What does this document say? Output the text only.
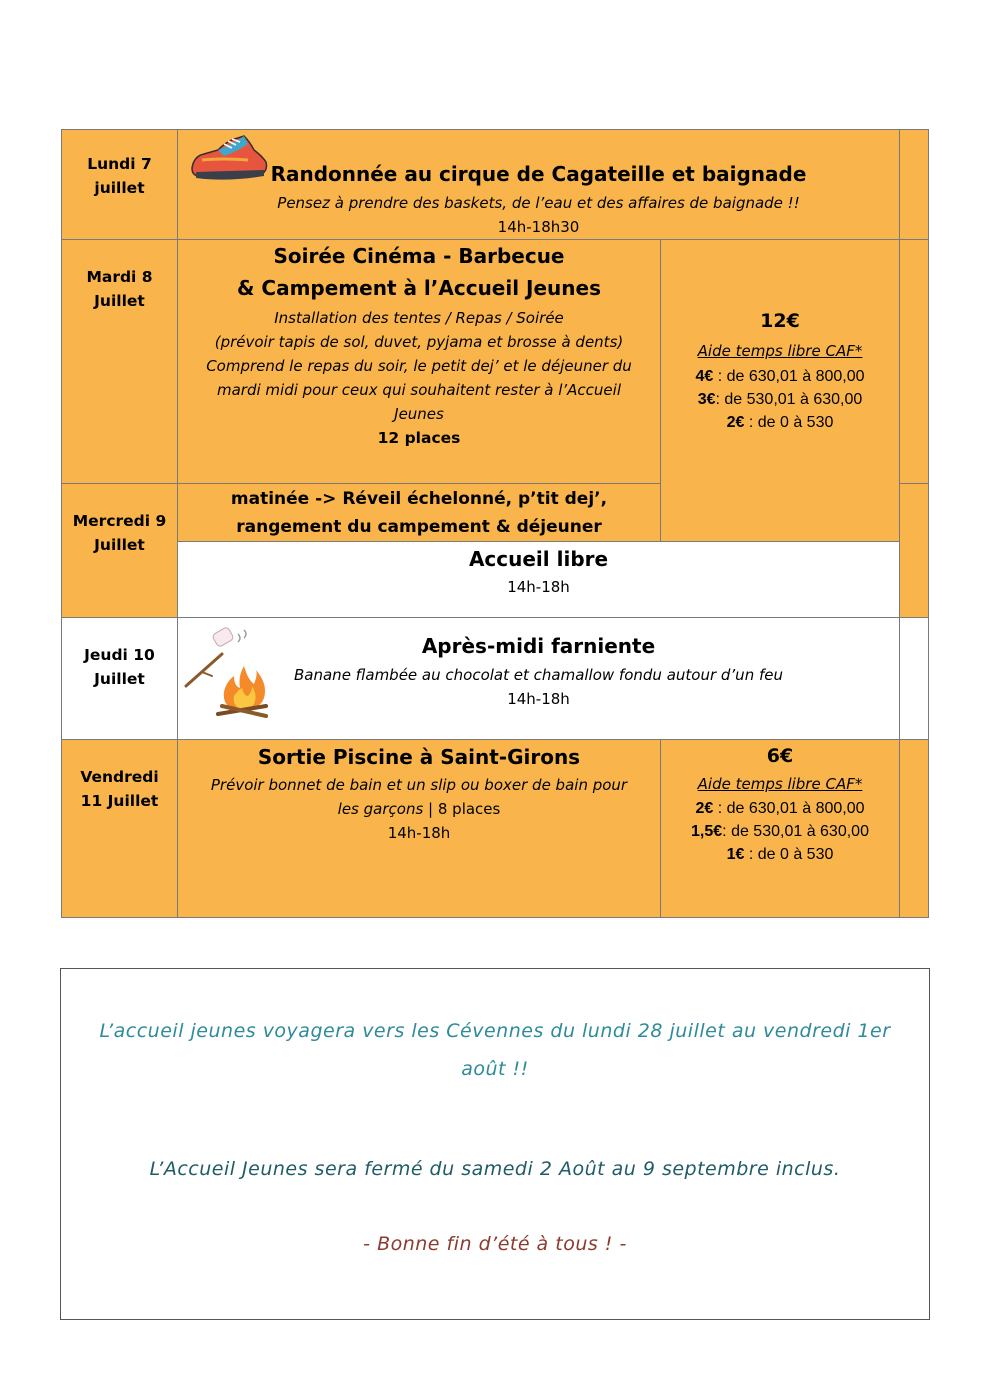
Lundi 7
juillet
Randonnée au cirque de Cagateille et baignade
Pensez à prendre des baskets, de l’eau et des affaires de baignade !!
14h-18h30
Mardi 8
Juillet
Soirée Cinéma - Barbecue
& Campement à l’Accueil Jeunes
Installation des tentes / Repas / Soirée
(prévoir tapis de sol, duvet, pyjama et brosse à dents)
Comprend le repas du soir, le petit dej’ et le déjeuner du
mardi midi pour ceux qui souhaitent rester à l’Accueil
Jeunes
12 places
12€
Aide temps libre CAF*
4€ : de 630,01 à 800,00
3€: de 530,01 à 630,00
2€ : de 0 à 530
Mercredi 9
Juillet
matinée -> Réveil échelonné, p’tit dej’,
rangement du campement & déjeuner
Accueil libre
14h-18h
Jeudi 10
Juillet
Après-midi farniente
Banane flambée au chocolat et chamallow fondu autour d’un feu
14h-18h
Vendredi
11 Juillet
Sortie Piscine à Saint-Girons
Prévoir bonnet de bain et un slip ou boxer de bain pour
les garçons | 8 places
14h-18h
6€
Aide temps libre CAF*
2€ : de 630,01 à 800,00
1,5€: de 530,01 à 630,00
1€ : de 0 à 530
L’accueil jeunes voyagera vers les Cévennes du lundi 28 juillet au vendredi 1er
août !!
L’Accueil Jeunes sera fermé du samedi 2 Août au 9 septembre inclus.
- Bonne fin d’été à tous ! -
